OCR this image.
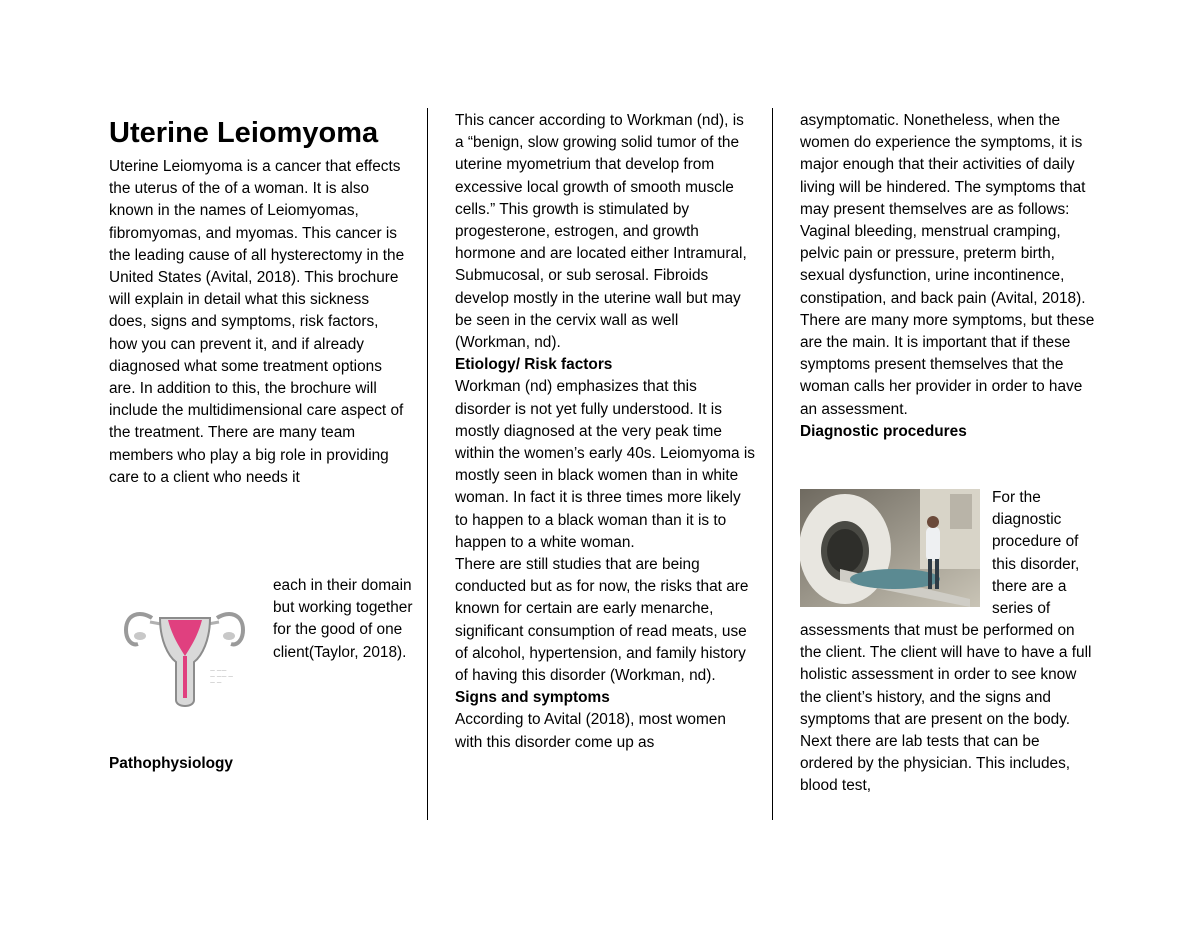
Uterine Leiomyoma

Uterine Leiomyoma is a cancer that effects the uterus of the of a woman. It is also known in the names of Leiomyomas, fibromyomas, and myomas. This cancer is the leading cause of all hysterectomy in the United States (Avital, 2018). This brochure will explain in detail what this sickness does, signs and symptoms, risk factors, how you can prevent it, and if already diagnosed what some treatment options are. In addition to this, the brochure will include the multidimensional care aspect of the treatment. There are many team members who play a big role in providing care to a client who needs it

— ——
— —— —
— —
each in their domain but working together for the good of one client(Taylor, 2018).
Pathophysiology

This cancer according to Workman (nd), is a “benign, slow growing solid tumor of the uterine myometrium that develop from excessive local growth of smooth muscle cells.” This growth is stimulated by progesterone, estrogen, and growth hormone and are located either Intramural, Submucosal, or sub serosal. Fibroids develop mostly in the uterine wall but may be seen in the cervix wall as well (Workman, nd).

Etiology/ Risk factors

Workman (nd) emphasizes that this disorder is not yet fully understood. It is mostly diagnosed at the very peak time within the women’s early 40s. Leiomyoma is mostly seen in black women than in white woman. In fact it is three times more likely to happen to a black woman than it is to happen to a white woman.

There are still studies that are being conducted but as for now, the risks that are known for certain are early menarche, significant consumption of read meats, use of alcohol, hypertension, and family history of having this disorder (Workman, nd).

Signs and symptoms

According to Avital (2018), most women with this disorder come up as

asymptomatic. Nonetheless, when the women do experience the symptoms, it is major enough that their activities of daily living will be hindered. The symptoms that may present themselves are as follows: Vaginal bleeding, menstrual cramping, pelvic pain or pressure, preterm birth, sexual dysfunction, urine incontinence, constipation, and back pain (Avital, 2018). There are many more symptoms, but these are the main. It is important that if these symptoms present themselves that the woman calls her provider in order to have an assessment.

Diagnostic procedures

For the diagnostic procedure of this disorder, there are a series of
assessments that must be performed on the client. The client will have to have a full holistic assessment in order to see know the client’s history, and the signs and symptoms that are present on the body. Next there are lab tests that can be ordered by the physician. This includes, blood test,
